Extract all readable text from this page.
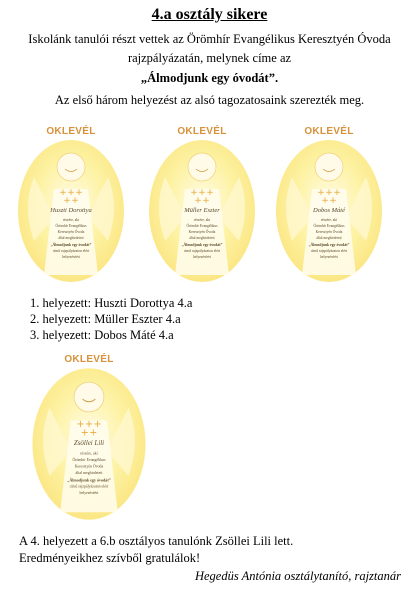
4.a osztály sikere
Iskolánk tanulói részt vettek az Örömhír Evangélikus Keresztyén Óvoda
rajzpályázatán, melynek címe az
„Álmodjunk egy óvodát”.
Az első három helyezést az alsó tagozatosaink szerezték meg.
OKLEVÉL
+ + +
+ +
Huszti Dorottya
részére, aki
Örömhír Evangélikus
Keresztyén Óvoda
által meghirdetett
„Álmodjunk egy óvodát”
című rajzpályázaton elért
helyezéséért
OKLEVÉL
+ + +
+ +
Müller Eszter
részére, aki
Örömhír Evangélikus
Keresztyén Óvoda
által meghirdetett
„Álmodjunk egy óvodát”
című rajzpályázaton elért
helyezéséért
OKLEVÉL
+ + +
+ +
Dobos Máté
részére, aki
Örömhír Evangélikus
Keresztyén Óvoda
által meghirdetett
„Álmodjunk egy óvodát”
című rajzpályázaton elért
helyezéséért
1. helyezett: Huszti Dorottya 4.a
2. helyezett: Müller Eszter 4.a
3. helyezett: Dobos Máté 4.a
OKLEVÉL
+ + +
+ +
Zsöllei Lili
részére, aki
Örömhír Evangélikus
Keresztyén Óvoda
által meghirdetett
„Álmodjunk egy óvodát”
című rajzpályázaton elért
helyezéséért
A 4. helyezett a 6.b osztályos tanulónk Zsöllei Lili lett.
Eredményeikhez szívből gratulálok!
Hegedüs Antónia osztálytanító, rajztanár
